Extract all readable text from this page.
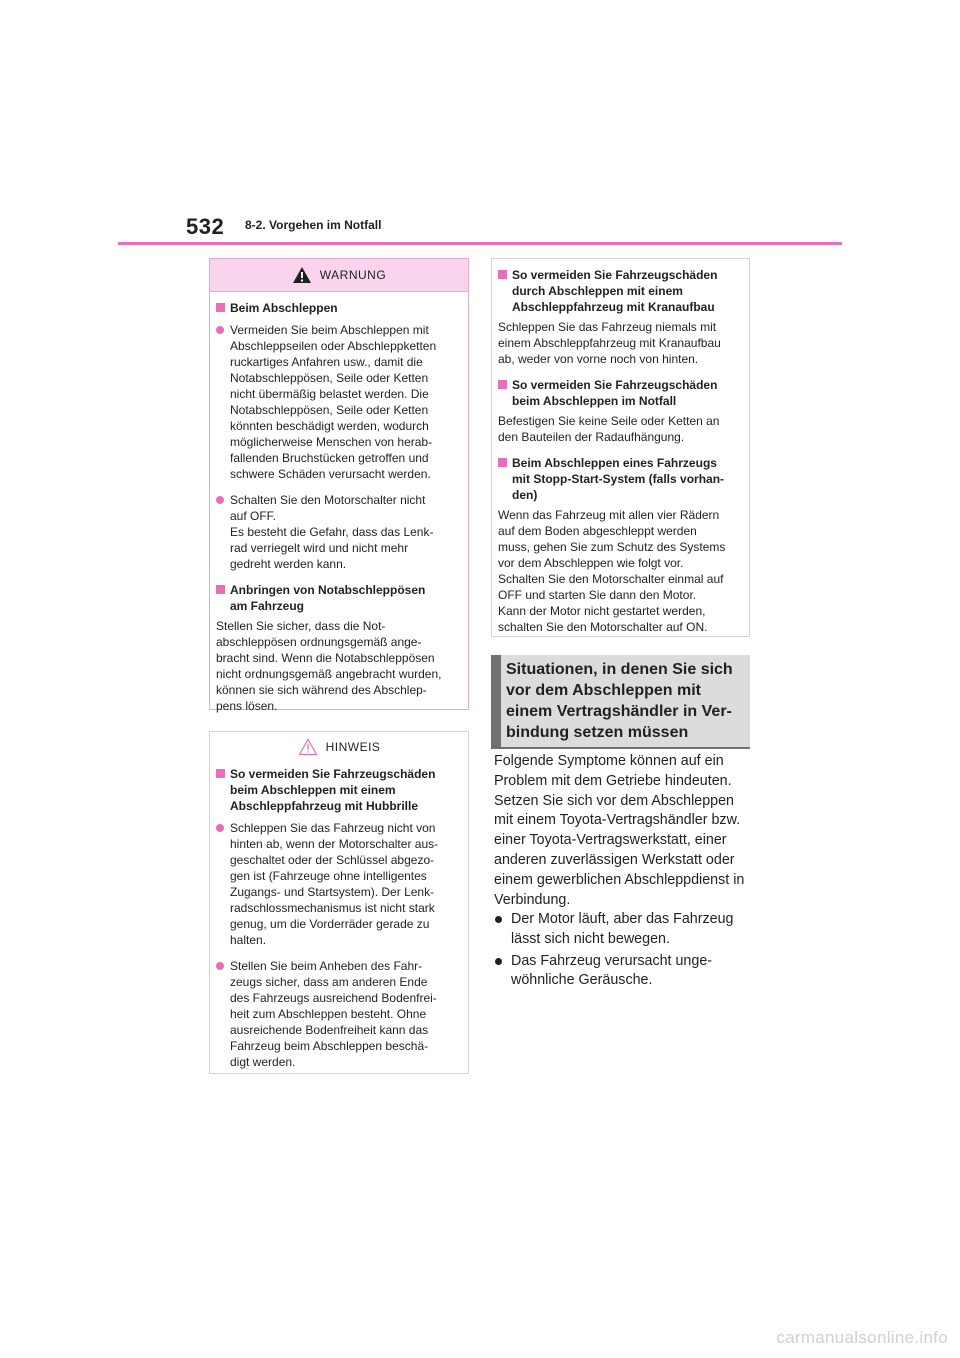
532 8-2. Vorgehen im Notfall
WARNUNG
Beim Abschleppen
Vermeiden Sie beim Abschleppen mit
Abschleppseilen oder Abschleppketten
ruckartiges Anfahren usw., damit die
Notabschleppösen, Seile oder Ketten
nicht übermäßig belastet werden. Die
Notabschleppösen, Seile oder Ketten
könnten beschädigt werden, wodurch
möglicherweise Menschen von herab-
fallenden Bruchstücken getroffen und
schwere Schäden verursacht werden.
Schalten Sie den Motorschalter nicht
auf OFF.
Es besteht die Gefahr, dass das Lenk-
rad verriegelt wird und nicht mehr
gedreht werden kann.
Anbringen von Notabschleppösen
am Fahrzeug
Stellen Sie sicher, dass die Not-
abschleppösen ordnungsgemäß ange-
bracht sind. Wenn die Notabschleppösen
nicht ordnungsgemäß angebracht wurden,
können sie sich während des Abschlep-
pens lösen.
HINWEIS
So vermeiden Sie Fahrzeugschäden
beim Abschleppen mit einem
Abschleppfahrzeug mit Hubbrille
Schleppen Sie das Fahrzeug nicht von
hinten ab, wenn der Motorschalter aus-
geschaltet oder der Schlüssel abgezo-
gen ist (Fahrzeuge ohne intelligentes
Zugangs- und Startsystem). Der Lenk-
radschlossmechanismus ist nicht stark
genug, um die Vorderräder gerade zu
halten.
Stellen Sie beim Anheben des Fahr-
zeugs sicher, dass am anderen Ende
des Fahrzeugs ausreichend Bodenfrei-
heit zum Abschleppen besteht. Ohne
ausreichende Bodenfreiheit kann das
Fahrzeug beim Abschleppen beschä-
digt werden.
So vermeiden Sie Fahrzeugschäden
durch Abschleppen mit einem
Abschleppfahrzeug mit Kranaufbau
Schleppen Sie das Fahrzeug niemals mit
einem Abschleppfahrzeug mit Kranaufbau
ab, weder von vorne noch von hinten.
So vermeiden Sie Fahrzeugschäden
beim Abschleppen im Notfall
Befestigen Sie keine Seile oder Ketten an
den Bauteilen der Radaufhängung.
Beim Abschleppen eines Fahrzeugs
mit Stopp-Start-System (falls vorhan-
den)
Wenn das Fahrzeug mit allen vier Rädern
auf dem Boden abgeschleppt werden
muss, gehen Sie zum Schutz des Systems
vor dem Abschleppen wie folgt vor.
Schalten Sie den Motorschalter einmal auf
OFF und starten Sie dann den Motor.
Kann der Motor nicht gestartet werden,
schalten Sie den Motorschalter auf ON.
Situationen, in denen Sie sich
vor dem Abschleppen mit
einem Vertragshändler in Ver-
bindung setzen müssen
Folgende Symptome können auf ein
Problem mit dem Getriebe hindeuten.
Setzen Sie sich vor dem Abschleppen
mit einem Toyota-Vertragshändler bzw.
einer Toyota-Vertragswerkstatt, einer
anderen zuverlässigen Werkstatt oder
einem gewerblichen Abschleppdienst in
Verbindung.
Der Motor läuft, aber das Fahrzeug
lässt sich nicht bewegen.
Das Fahrzeug verursacht unge-
wöhnliche Geräusche.
carmanualsonline.info
